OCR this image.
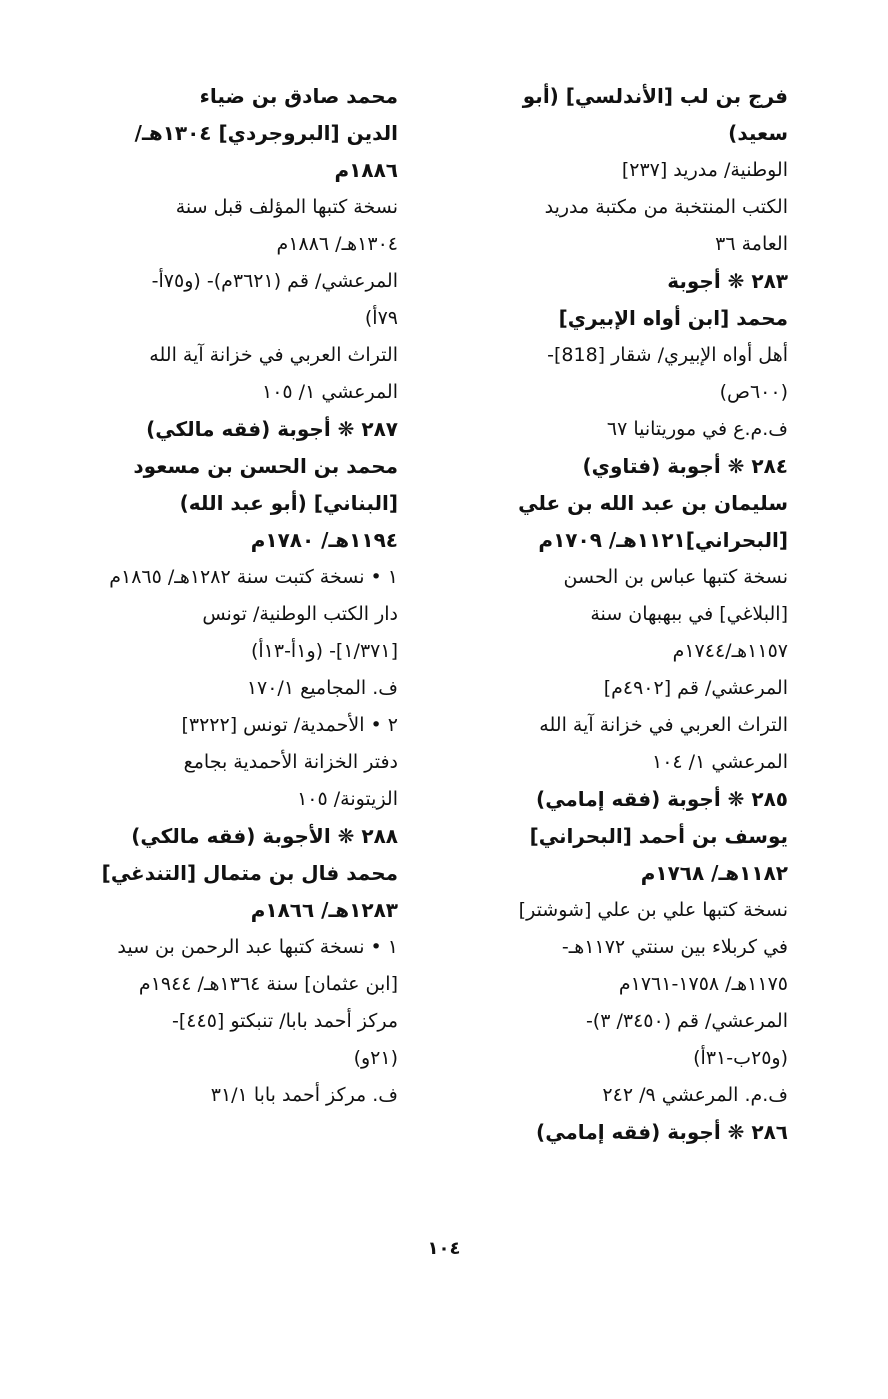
فرج بن لب [الأندلسي] (أبو
سعيد)
الوطنية/ مدريد [٢٣٧]
الكتب المنتخبة من مكتبة مدريد
العامة ٣٦
٢٨٣ ❋ أجوبة
محمد [ابن أواه الإبيري]
أهل أواه الإبيري/ شقار [818]-
(٦٠٠ص)
ف.م.ع في موريتانيا ٦٧
٢٨٤ ❋ أجوبة (فتاوي)
سليمان بن عبد الله بن علي
[البحراني]١١٢١هـ/ ١٧٠٩م
نسخة كتبها عباس بن الحسن
[البلاغي] في ببهبهان سنة
١١٥٧هـ/١٧٤٤م
المرعشي/ قم [٤٩٠٢م]
التراث العربي في خزانة آية الله
المرعشي ١/ ١٠٤
٢٨٥ ❋ أجوبة (فقه إمامي)
يوسف بن أحمد [البحراني]
١١٨٢هـ/ ١٧٦٨م
نسخة كتبها علي بن علي [شوشتر]
في كربلاء بين سنتي ١١٧٢هـ-
١١٧٥هـ/ ١٧٥٨-١٧٦١م
المرعشي/ قم (٣٤٥٠/ ٣)-
(و٢٥ب-٣١أ)
ف.م. المرعشي ٩/ ٢٤٢
٢٨٦ ❋ أجوبة (فقه إمامي)
محمد صادق بن ضياء
الدين [البروجردي] ١٣٠٤هـ/
١٨٨٦م
نسخة كتبها المؤلف قبل سنة
١٣٠٤هـ/ ١٨٨٦م
المرعشي/ قم (٣٦٢١م)- (و٧٥أ-
٧٩أ)
التراث العربي في خزانة آية الله
المرعشي ١/ ١٠٥
٢٨٧ ❋ أجوبة (فقه مالكي)
محمد بن الحسن بن مسعود
[البناني] (أبو عبد الله)
١١٩٤هـ/ ١٧٨٠م
١ • نسخة كتبت سنة ١٢٨٢هـ/ ١٨٦٥م
دار الكتب الوطنية/ تونس
[١/٣٧١]- (و١أ-١٣أ)
ف. المجاميع ١٧٠/١
٢ • الأحمدية/ تونس [٣٢٢٢]
دفتر الخزانة الأحمدية بجامع
الزيتونة/ ١٠٥
٢٨٨ ❋ الأجوبة (فقه مالكي)
محمد فال بن متمال [التندغي]
١٢٨٣هـ/ ١٨٦٦م
١ • نسخة كتبها عبد الرحمن بن سيد
[ابن عثمان] سنة ١٣٦٤هـ/ ١٩٤٤م
مركز أحمد بابا/ تنبكتو [٤٤٥]-
(٢١و)
ف. مركز أحمد بابا ٣١/١
١٠٤
